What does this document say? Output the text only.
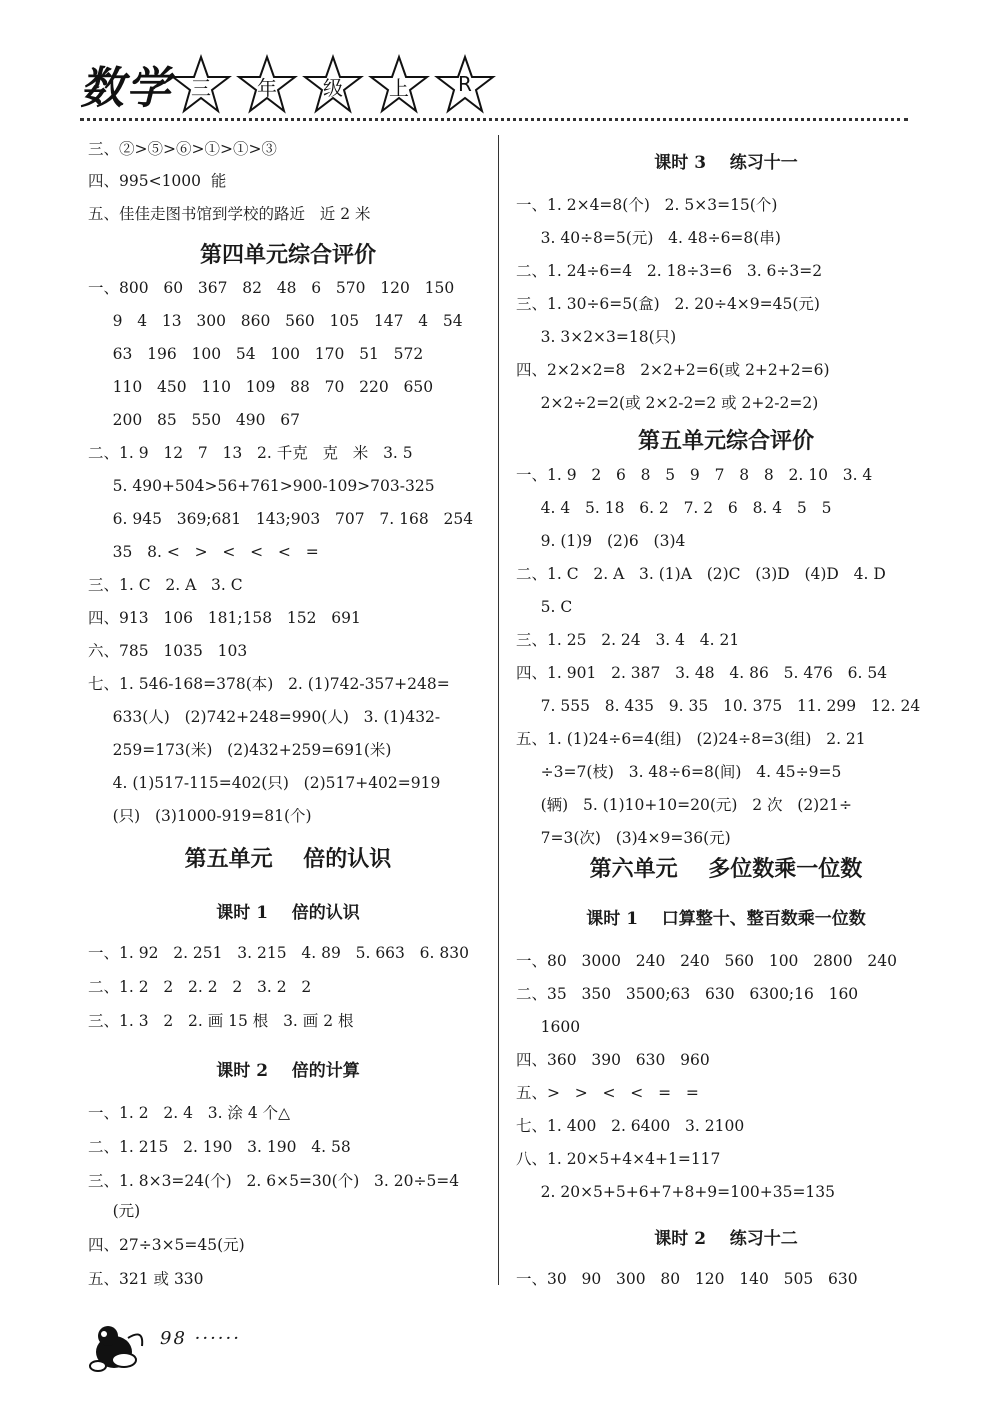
数学 三	年	级	上	R
三、②>⑤>⑥>①>①>③
四、995<1000  能
五、佳佳走图书馆到学校的路近   近 2 米
第四单元综合评价
一、800   60   367   82   48   6   570   120   150
9   4   13   300   860   560   105   147   4   54
63   196   100   54   100   170   51   572
110   450   110   109   88   70   220   650
200   85   550   490   67
二、1. 9   12   7   13   2. 千克   克   米   3. 5
5. 490+504>56+761>900-109>703-325
6. 945   369;681   143;903   707   7. 168   254
35   8. <   >   <   <   <   =
三、1. C   2. A   3. C
四、913   106   181;158   152   691
六、785   1035   103
七、1. 546-168=378(本)   2. (1)742-357+248=
633(人)   (2)742+248=990(人)   3. (1)432-
259=173(米)   (2)432+259=691(米)
4. (1)517-115=402(只)   (2)517+402=919
(只)   (3)1000-919=81(个)
第五单元    倍的认识
课时 1    倍的认识
一、1. 92   2. 251   3. 215   4. 89   5. 663   6. 830
二、1. 2   2   2. 2   2   3. 2   2
三、1. 3   2   2. 画 15 根   3. 画 2 根
课时 2    倍的计算
一、1. 2   2. 4   3. 涂 4 个△
二、1. 215   2. 190   3. 190   4. 58
三、1. 8×3=24(个)   2. 6×5=30(个)   3. 20÷5=4
(元)
四、27÷3×5=45(元)
五、321 或 330
课时 3    练习十一
一、1. 2×4=8(个)   2. 5×3=15(个)
3. 40÷8=5(元)   4. 48÷6=8(串)
二、1. 24÷6=4   2. 18÷3=6   3. 6÷3=2
三、1. 30÷6=5(盒)   2. 20÷4×9=45(元)
3. 3×2×3=18(只)
四、2×2×2=8   2×2+2=6(或 2+2+2=6)
2×2÷2=2(或 2×2-2=2 或 2+2-2=2)
第五单元综合评价
一、1. 9   2   6   8   5   9   7   8   8   2. 10   3. 4
4. 4   5. 18   6. 2   7. 2   6   8. 4   5   5
9. (1)9   (2)6   (3)4
二、1. C   2. A   3. (1)A   (2)C   (3)D   (4)D   4. D
5. C
三、1. 25   2. 24   3. 4   4. 21
四、1. 901   2. 387   3. 48   4. 86   5. 476   6. 54
7. 555   8. 435   9. 35   10. 375   11. 299   12. 24
五、1. (1)24÷6=4(组)   (2)24÷8=3(组)   2. 21
÷3=7(枝)   3. 48÷6=8(间)   4. 45÷9=5
(辆)   5. (1)10+10=20(元)   2 次   (2)21÷
7=3(次)   (3)4×9=36(元)
第六单元    多位数乘一位数
课时 1    口算整十、整百数乘一位数
一、80   3000   240   240   560   100   2800   240
二、35   350   3500;63   630   6300;16   160
1600
四、360   390   630   960
五、>   >   <   <   =   =
七、1. 400   2. 6400   3. 2100
八、1. 20×5+4×4+1=117
2. 20×5+5+6+7+8+9=100+35=135
课时 2    练习十二
一、30   90   300   80   120   140   505   630
98 ······
